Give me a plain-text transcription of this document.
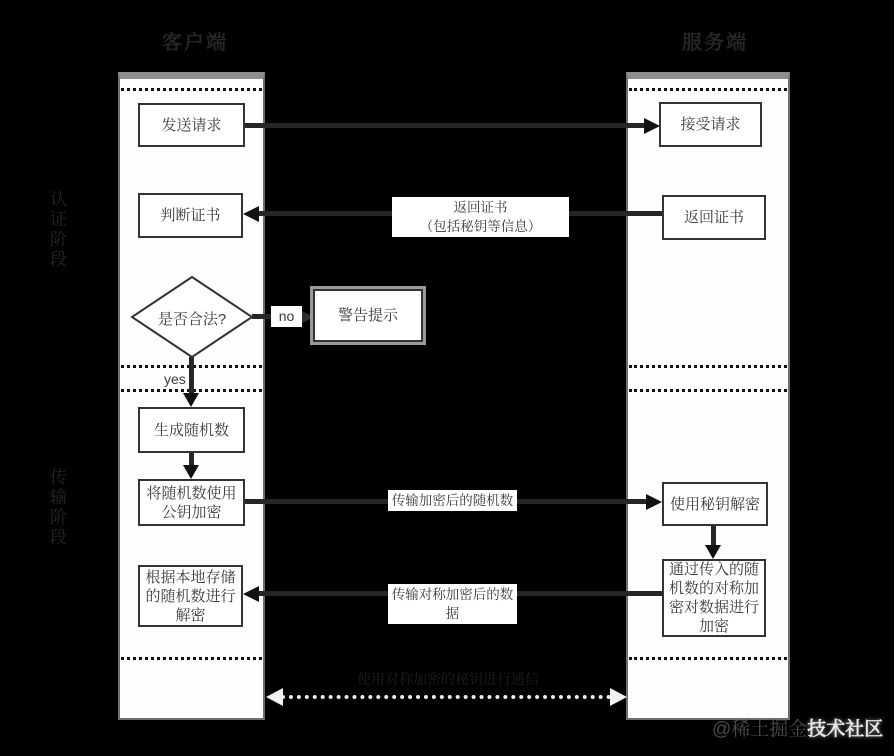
客户端	服务端
认证阶段
传输阶段
使用对称加密的秘钥进行通信
发送请求
判断证书
是否合法?
生成随机数
将随机数使用公钥加密
根据本地存储的随机数进行解密
警告提示
接受请求
返回证书
使用秘钥解密
通过传入的随机数的对称加密对数据进行加密
返回证书
（包括秘钥等信息）
传输加密后的随机数
传输对称加密后的数据
no
yes
@稀土掘金技术社区
